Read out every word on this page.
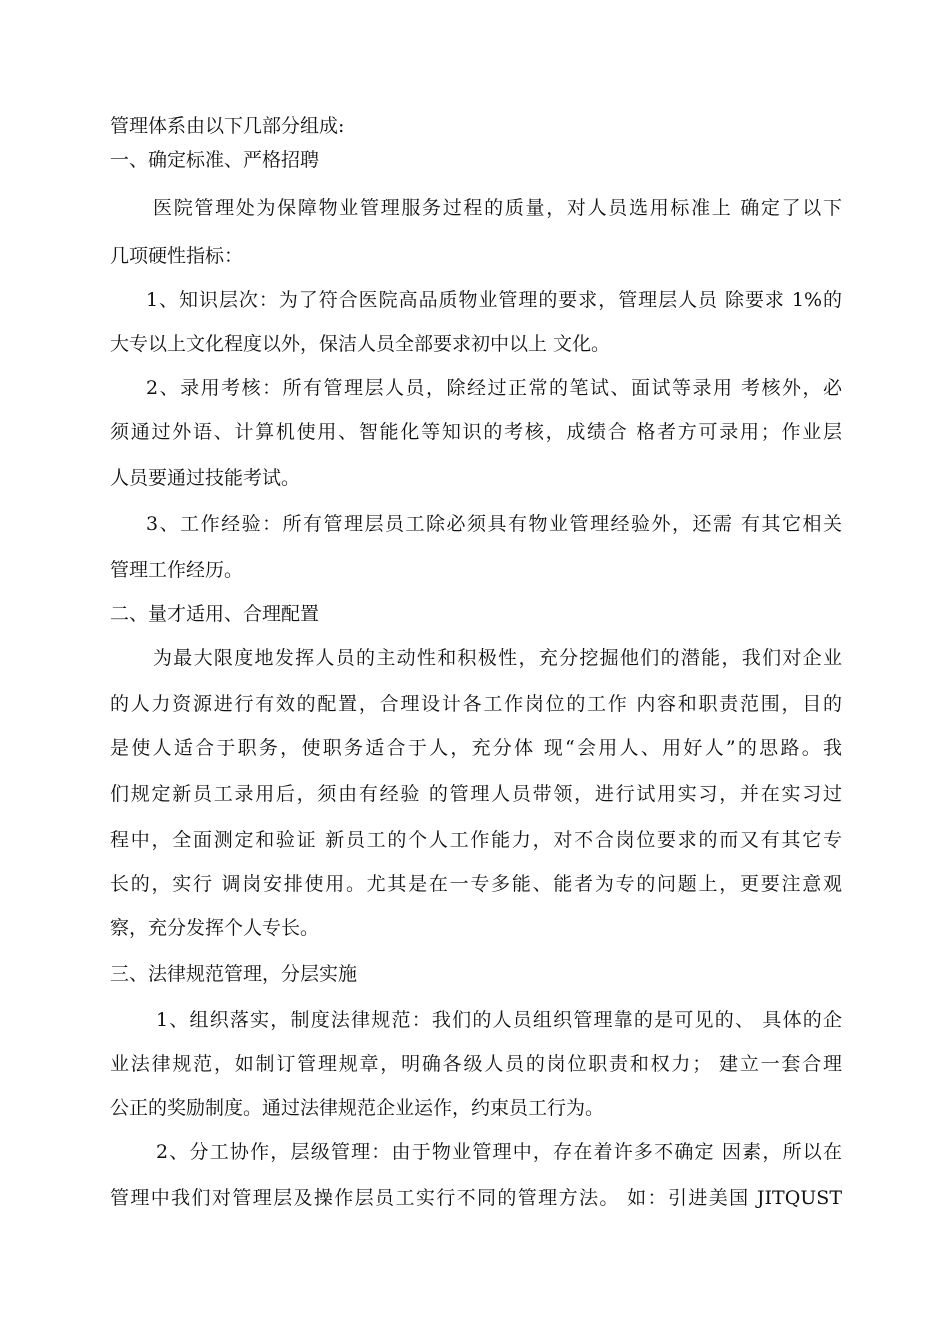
管理体系由以下几部分组成:
一、确定标准、严格招聘
医院管理处为保障物业管理服务过程的质量，对人员选用标准上 确定了以下
几项硬性指标：
1、知识层次：为了符合医院高品质物业管理的要求，管理层人员 除要求 1%的
大专以上文化程度以外，保洁人员全部要求初中以上 文化。
2、录用考核：所有管理层人员，除经过正常的笔试、面试等录用 考核外，必
须通过外语、计算机使用、智能化等知识的考核，成绩合 格者方可录用；作业层
人员要通过技能考试。
3、工作经验：所有管理层员工除必须具有物业管理经验外，还需 有其它相关
管理工作经历。
二、量才适用、合理配置
为最大限度地发挥人员的主动性和积极性，充分挖掘他们的潜能，我们对企业
的人力资源进行有效的配置，合理设计各工作岗位的工作 内容和职责范围，目的
是使人适合于职务，使职务适合于人，充分体 现“会用人、用好人”的思路。我
们规定新员工录用后，须由有经验 的管理人员带领，进行试用实习，并在实习过
程中，全面测定和验证 新员工的个人工作能力，对不合岗位要求的而又有其它专
长的，实行 调岗安排使用。尤其是在一专多能、能者为专的问题上，更要注意观
察，充分发挥个人专长。
三、法律规范管理，分层实施
1、组织落实，制度法律规范：我们的人员组织管理靠的是可见的、 具体的企
业法律规范，如制订管理规章，明确各级人员的岗位职责和权力； 建立一套合理
公正的奖励制度。通过法律规范企业运作，约束员工行为。
2、分工协作，层级管理：由于物业管理中，存在着许多不确定 因素，所以在
管理中我们对管理层及操作层员工实行不同的管理方法。 如：引进美国 JITQUST
